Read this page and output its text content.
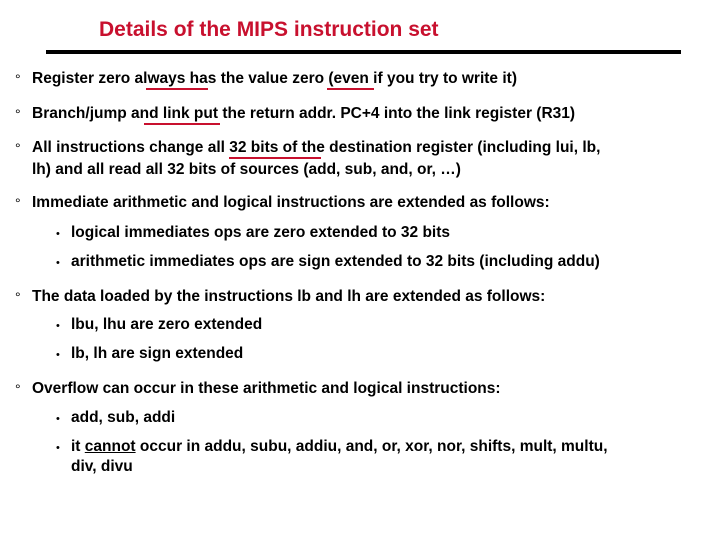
Details of the MIPS instruction set
° Register zero always has the value zero (even if you try to write it)
° Branch/jump and link put the return addr. PC+4 into the link register (R31)
° All instructions change all 32 bits of the destination register (including lui, lb,
lh) and all read all 32 bits of sources (add, sub, and, or, …)
° Immediate arithmetic and logical instructions are extended as follows:
• logical immediates ops are zero extended to 32 bits
• arithmetic immediates ops are sign extended to 32 bits (including addu)
° The data loaded by the instructions lb and lh are extended as follows:
• lbu, lhu are zero extended
• lb, lh are sign extended
° Overflow can occur in these arithmetic and logical instructions:
• add, sub, addi
• it cannot occur in addu, subu, addiu, and, or, xor, nor, shifts, mult, multu,
div, divu
